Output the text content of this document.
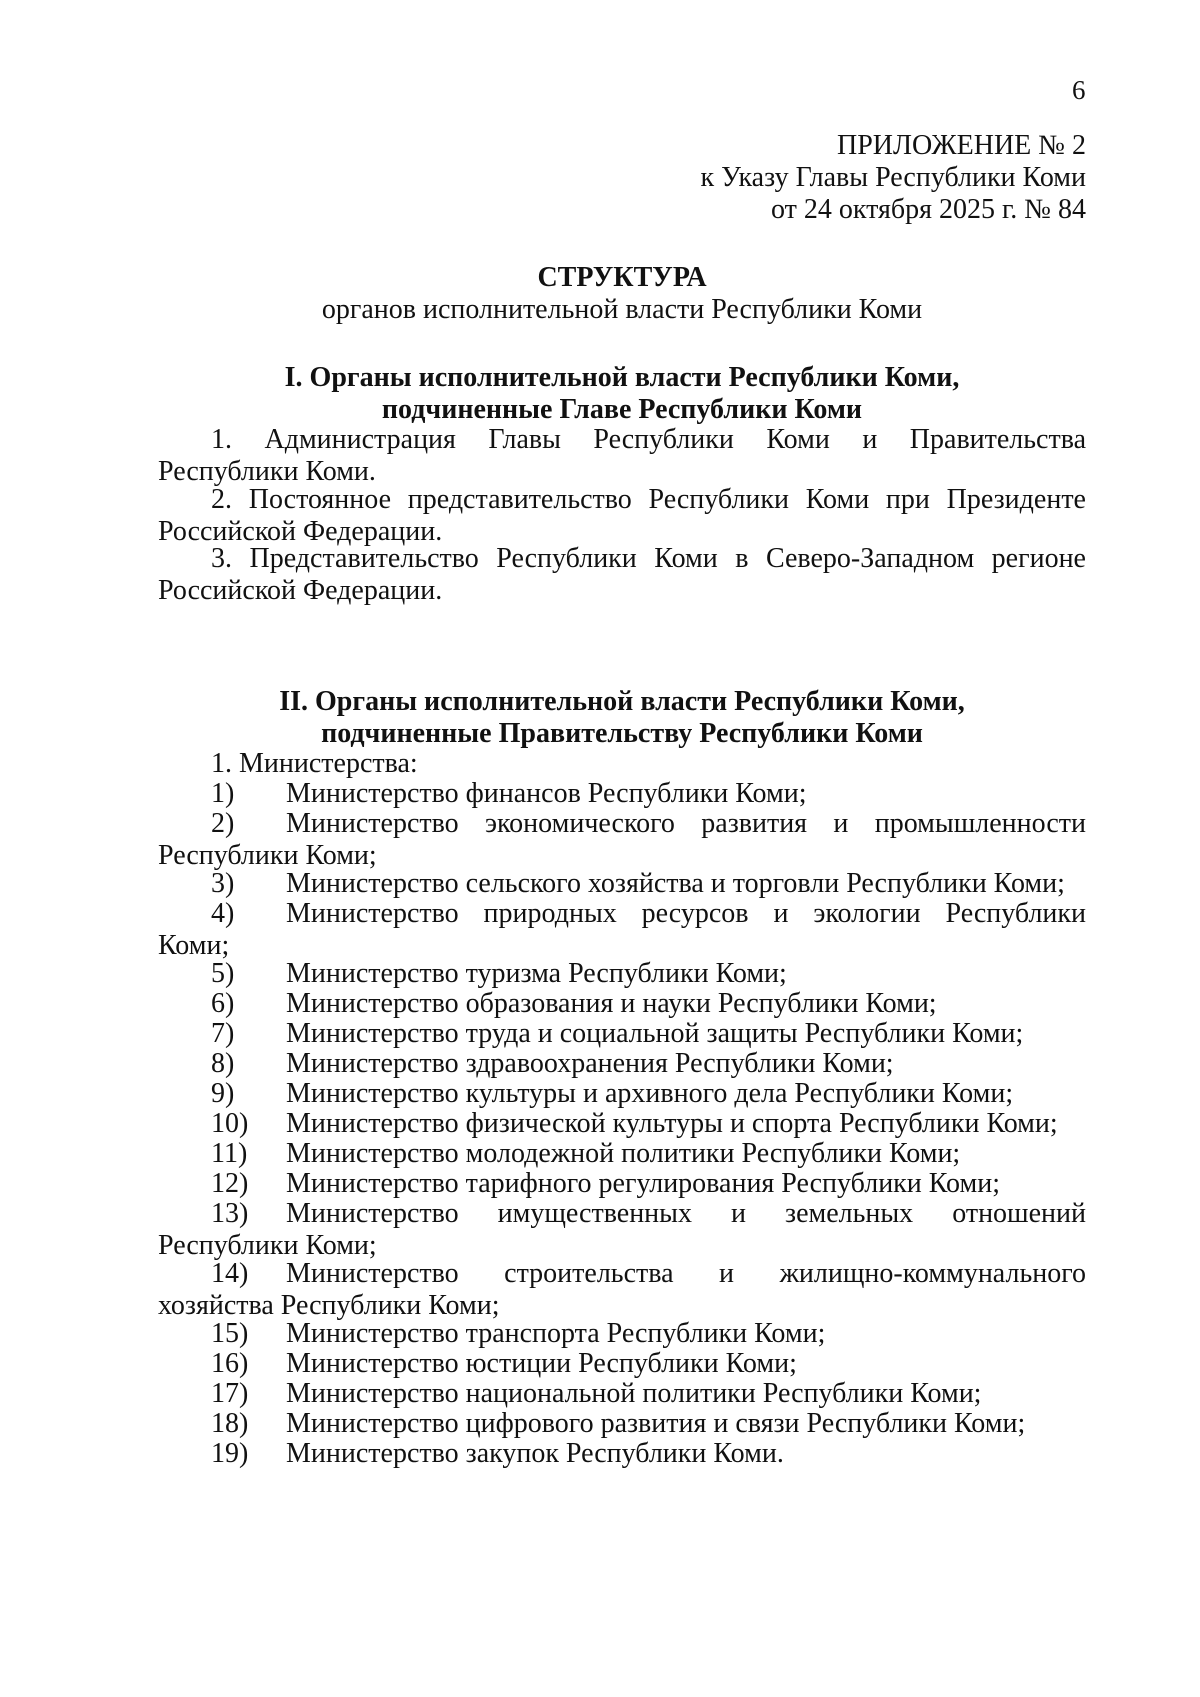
6
ПРИЛОЖЕНИЕ № 2
к Указу Главы Республики Коми
от 24 октября 2025 г. № 84
СТРУКТУРА
органов исполнительной власти Республики Коми
I. Органы исполнительной власти Республики Коми,
подчиненные Главе Республики Коми
1. Администрация Главы Республики Коми и Правительства
Республики Коми.
2. Постоянное представительство Республики Коми при Президенте
Российской Федерации.
3. Представительство Республики Коми в Северо-Западном регионе
Российской Федерации.
II. Органы исполнительной власти Республики Коми,
подчиненные Правительству Республики Коми
1. Министерства:
1)	Министерство финансов Республики Коми;
2)	Министерство экономического развития и промышленности
Республики Коми;
3)	Министерство сельского хозяйства и торговли Республики Коми;
4)	Министерство природных ресурсов и экологии Республики
Коми;
5)	Министерство туризма Республики Коми;
6)	Министерство образования и науки Республики Коми;
7)	Министерство труда и социальной защиты Республики Коми;
8)	Министерство здравоохранения Республики Коми;
9)	Министерство культуры и архивного дела Республики Коми;
10)	Министерство физической культуры и спорта Республики Коми;
11)	Министерство молодежной политики Республики Коми;
12)	Министерство тарифного регулирования Республики Коми;
13)	Министерство имущественных и земельных отношений
Республики Коми;
14)	Министерство строительства и жилищно-коммунального
хозяйства Республики Коми;
15)	Министерство транспорта Республики Коми;
16)	Министерство юстиции Республики Коми;
17)	Министерство национальной политики Республики Коми;
18)	Министерство цифрового развития и связи Республики Коми;
19)	Министерство закупок Республики Коми.
